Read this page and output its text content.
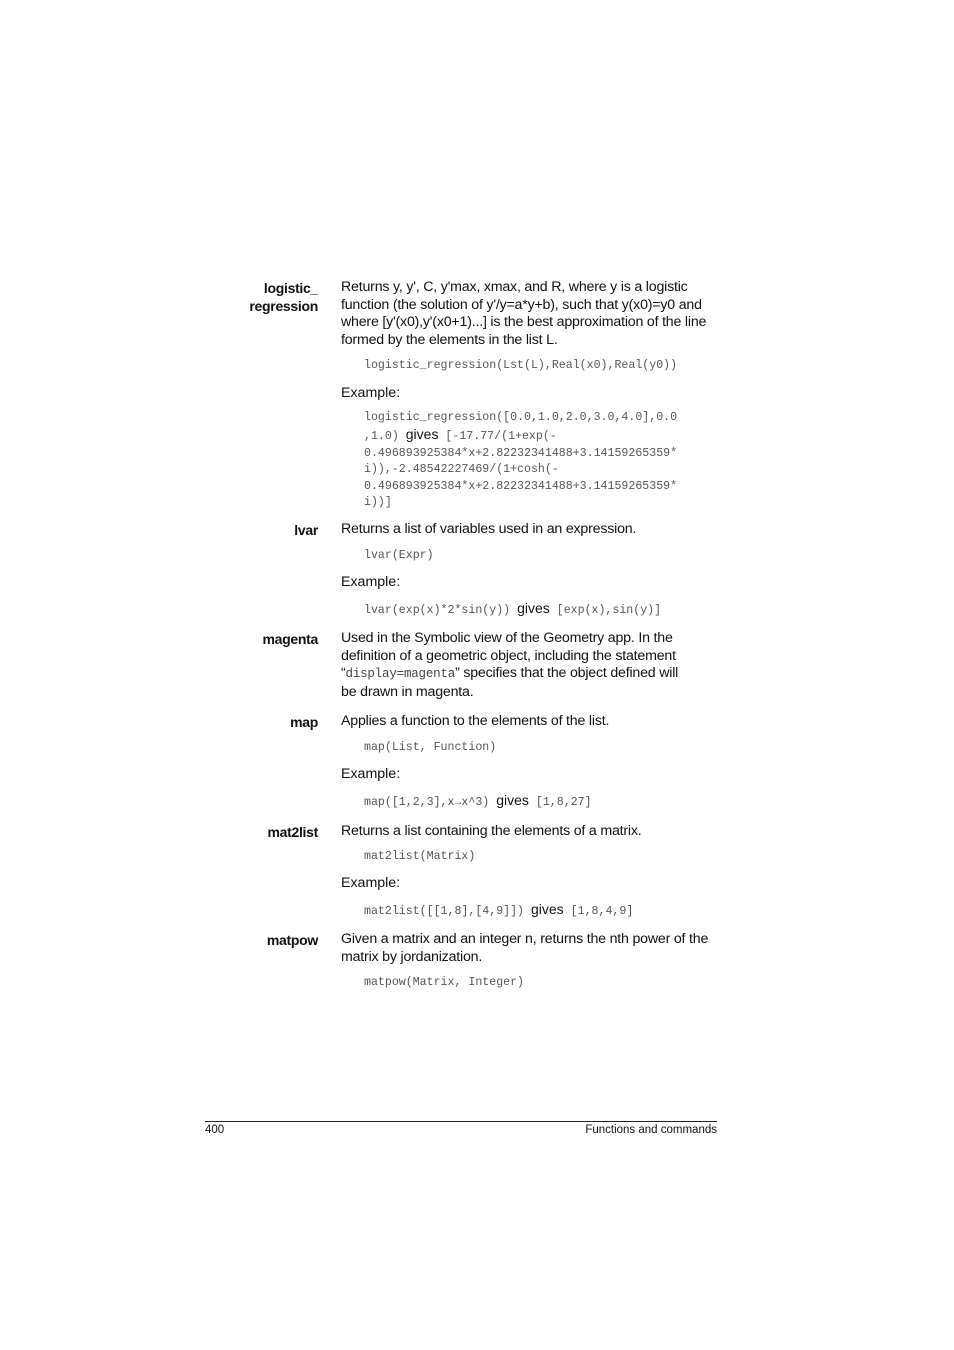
logistic_
regression

Returns y, y', C, y'max, xmax, and R, where y is a logistic
function (the solution of y'/y=a*y+b), such that y(x0)=y0 and
where [y'(x0),y'(x0+1)...] is the best approximation of the line
formed by the elements in the list L.

logistic_regression(Lst(L),Real(x0),Real(y0))

Example:

logistic_regression([0.0,1.0,2.0,3.0,4.0],0.0
,1.0) gives [-17.77/(1+exp(-
0.496893925384*x+2.82232341488+3.14159265359*
i)),-2.48542227469/(1+cosh(-
0.496893925384*x+2.82232341488+3.14159265359*
i))]

lvar Returns a list of variables used in an expression.

lvar(Expr)

Example:

lvar(exp(x)*2*sin(y)) gives [exp(x),sin(y)]

magenta Used in the Symbolic view of the Geometry app. In the
definition of a geometric object, including the statement
“display=magenta” specifies that the object defined will
be drawn in magenta.

map Applies a function to the elements of the list.

map(List, Function)

Example:

map([1,2,3],x→x^3) gives [1,8,27]

mat2list Returns a list containing the elements of a matrix.

mat2list(Matrix)

Example:

mat2list([[1,8],[4,9]]) gives [1,8,4,9]

matpow Given a matrix and an integer n, returns the nth power of the
matrix by jordanization.

matpow(Matrix, Integer)

400	Functions and commands
